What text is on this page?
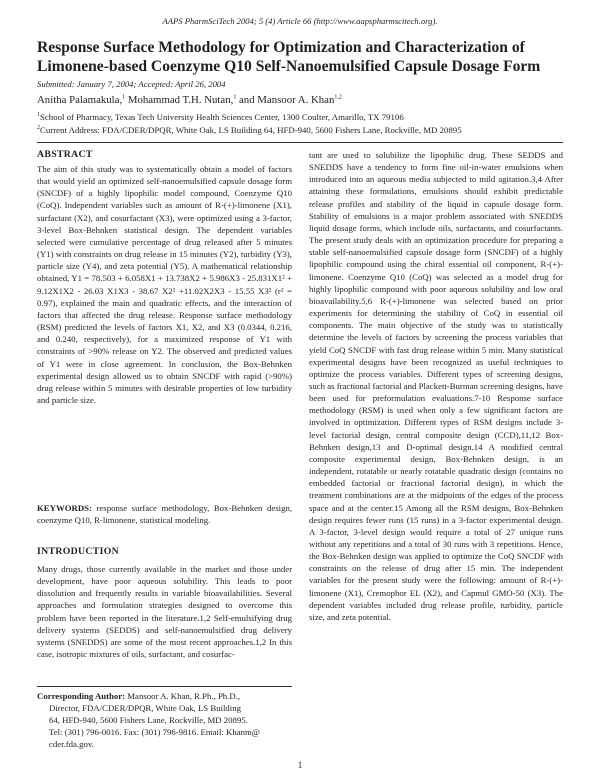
AAPS PharmSciTech 2004; 5 (4) Article 66 (http://www.aapspharmscitech.org).
Response Surface Methodology for Optimization and Characterization of Limonene-based Coenzyme Q10 Self-Nanoemulsified Capsule Dosage Form
Submitted: January 7, 2004; Accepted: April 26, 2004
Anitha Palamakula,$^1$ Mohammad T.H. Nutan,$^1$ and Mansoor A. Khan$^{1,2}$
$^1$School of Pharmacy, Texas Tech University Health Sciences Center, 1300 Coulter, Amarillo, TX 79106
$^2$Current Address: FDA/CDER/DPQR, White Oak, LS Building 64, HFD-940, 5600 Fishers Lane, Rockville, MD 20895
ABSTRACT

The aim of this study was to systematically obtain a model of factors that would yield an optimized self-nanoemulsified capsule dosage form (SNCDF) of a highly lipophilic model compound, Coenzyme Q10 (CoQ). Independent variables such as amount of R-(+)-limonene (X1), surfactant (X2), and cosurfactant (X3), were optimized using a 3-factor, 3-level Box-Behnken statistical design. The dependent variables selected were cumulative percentage of drug released after 5 minutes (Y1) with constraints on drug release in 15 minutes (Y2), turbidity (Y3), particle size (Y4), and zeta potential (Y5). A mathematical relationship obtained, Y1 = 78.503 + 6.058X1 + 13.738X2 + 5.986X3 - 25.831X1² + 9.12X1X2 - 26.03 X1X3 - 38.67 X2² +11.02X2X3 - 15.55 X3² (r² = 0.97), explained the main and quadratic effects, and the interaction of factors that affected the drug release. Response surface methodology (RSM) predicted the levels of factors X1, X2, and X3 (0.0344, 0.216, and 0.240, respectively), for a maximized response of Y1 with constraints of >90% release on Y2. The observed and predicted values of Y1 were in close agreement. In conclusion, the Box-Behnken experimental design allowed us to obtain SNCDF with rapid (>90%) drug release within 5 minutes with desirable properties of low turbidity and particle size.

KEYWORDS: response surface methodology, Box-Behnken design, coenzyme Q10, R-limonene, statistical modeling.
INTRODUCTION

Many drugs, those currently available in the market and those under development, have poor aqueous solubility. This leads to poor dissolution and frequently results in variable bioavailabilities. Several approaches and formulation strategies designed to overcome this problem have been reported in the literature.1,2 Self-emulsifying drug delivery systems (SEDDS) and self-nanoemulsified drug delivery systems (SNEDDS) are some of the most recent approaches.1,2 In this case, isotropic mixtures of oils, surfactant, and cosurfac-

Corresponding Author: Mansoor A. Khan, R.Ph., Ph.D.,
Director, FDA/CDER/DPQR, White Oak, LS Building
64, HFD-940, 5600 Fishers Lane, Rockville, MD 20895.
Tel: (301) 796-0016. Fax: (301) 796-9816. Email: Khanm@
cder.fda.gov.

tant are used to solubilize the lipophilic drug. These SEDDS and SNEDDS have a tendency to form fine oil-in-water emulsions when introduced into an aqueous media subjected to mild agitation.3,4 After attaining these formulations, emulsions should exhibit predictable release profiles and stability of the liquid in capsule dosage form. Stability of emulsions is a major problem associated with SNEDDS liquid dosage forms, which include oils, surfactants, and cosurfactants. The present study deals with an optimization procedure for preparing a stable self-nanoemulsified capsule dosage form (SNCDF) of a highly lipophilic compound using the chiral essential oil component, R-(+)-limonene. Coenzyme Q10 (CoQ) was selected as a model drug for highly lipophilic compound with poor aqueous solubility and low oral bioavailability.5,6 R-(+)-limonene was selected based on prior experiments for determining the stability of CoQ in essential oil components. The main objective of the study was to statistically determine the levels of factors by screening the process variables that yield CoQ SNCDF with fast drug release within 5 min. Many statistical experimental designs have been recognized as useful techniques to optimize the process variables. Different types of screening designs, such as fractional factorial and Plackett-Burman screening designs, have been used for preformulation evaluations.7-10 Response surface methodology (RSM) is used when only a few significant factors are involved in optimization. Different types of RSM designs include 3-level factorial design, central composite design (CCD),11,12 Box-Behnken design,13 and D-optimal design.14 A modified central composite experimental design, Box-Behnken design, is an independent, rotatable or nearly rotatable quadratic design (contains no embedded factorial or fractional factorial design), in which the treatment combinations are at the midpoints of the edges of the process space and at the center.15 Among all the RSM designs, Box-Behnken design requires fewer runs (15 runs) in a 3-factor experimental design. A 3-factor, 3-level design would require a total of 27 unique runs without any repetitions and a total of 30 runs with 3 repetitions. Hence, the Box-Behnken design was applied to optimize the CoQ SNCDF with constraints on the release of drug after 15 min. The independent variables for the present study were the following: amount of R-(+)-limonene (X1), Cremophor EL (X2), and Capmul GMO-50 (X3). The dependent variables included drug release profile, turbidity, particle size, and zeta potential.

1
